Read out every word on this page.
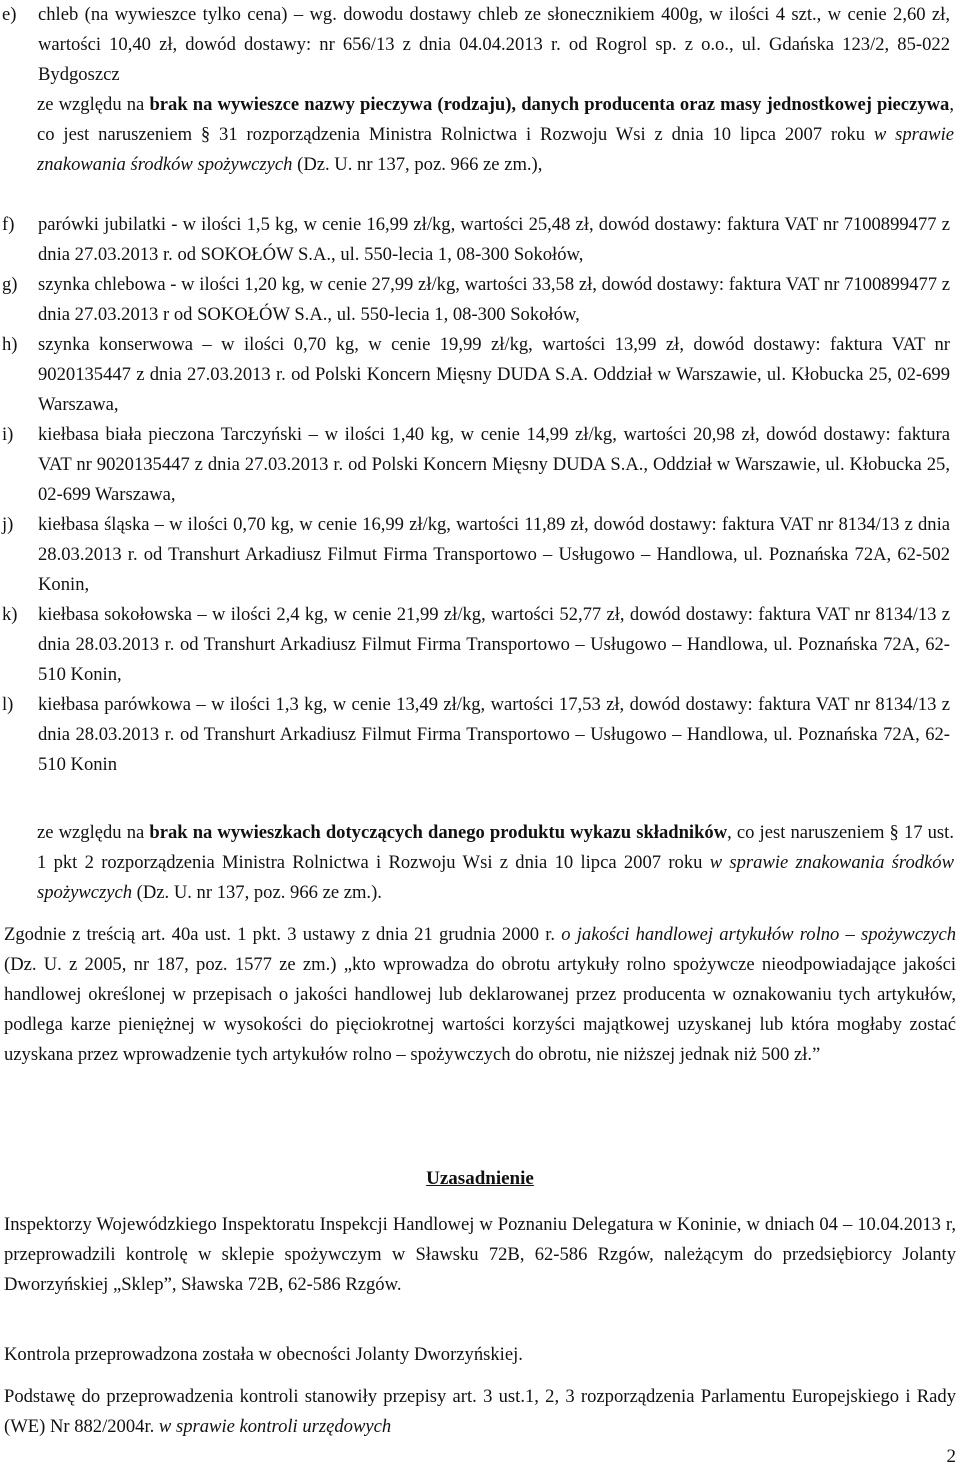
e) chleb (na wywieszce tylko cena) – wg. dowodu dostawy chleb ze słonecznikiem 400g, w ilości 4 szt., w cenie 2,60 zł, wartości 10,40 zł, dowód dostawy: nr 656/13 z dnia 04.04.2013 r. od Rogrol sp. z o.o., ul. Gdańska 123/2, 85-022 Bydgoszcz

ze względu na brak na wywieszce nazwy pieczywa (rodzaju), danych producenta oraz masy jednostkowej pieczywa, co jest naruszeniem § 31 rozporządzenia Ministra Rolnictwa i Rozwoju Wsi z dnia 10 lipca 2007 roku w sprawie znakowania środków spożywczych (Dz. U. nr 137, poz. 966 ze zm.),

f) parówki jubilatki - w ilości 1,5 kg, w cenie 16,99 zł/kg, wartości 25,48 zł, dowód dostawy: faktura VAT nr 7100899477 z dnia 27.03.2013 r. od SOKOŁÓW S.A., ul. 550-lecia 1, 08-300 Sokołów,
g) szynka chlebowa - w ilości 1,20 kg, w cenie 27,99 zł/kg, wartości 33,58 zł, dowód dostawy: faktura VAT nr 7100899477 z dnia 27.03.2013 r od SOKOŁÓW S.A., ul. 550-lecia 1, 08-300 Sokołów,
h) szynka konserwowa – w ilości 0,70 kg, w cenie 19,99 zł/kg, wartości 13,99 zł, dowód dostawy: faktura VAT nr 9020135447 z dnia 27.03.2013 r. od Polski Koncern Mięsny DUDA S.A. Oddział w Warszawie, ul. Kłobucka 25, 02-699 Warszawa,
i) kiełbasa biała pieczona Tarczyński – w ilości 1,40 kg, w cenie 14,99 zł/kg, wartości 20,98 zł, dowód dostawy: faktura VAT nr 9020135447 z dnia 27.03.2013 r. od Polski Koncern Mięsny DUDA S.A., Oddział w Warszawie, ul. Kłobucka 25, 02-699 Warszawa,
j) kiełbasa śląska – w ilości 0,70 kg, w cenie 16,99 zł/kg, wartości 11,89 zł, dowód dostawy: faktura VAT nr 8134/13 z dnia 28.03.2013 r. od Transhurt Arkadiusz Filmut Firma Transportowo – Usługowo – Handlowa, ul. Poznańska 72A, 62-502 Konin,
k) kiełbasa sokołowska – w ilości 2,4 kg, w cenie 21,99 zł/kg, wartości 52,77 zł, dowód dostawy: faktura VAT nr 8134/13 z dnia 28.03.2013 r. od Transhurt Arkadiusz Filmut Firma Transportowo – Usługowo – Handlowa, ul. Poznańska 72A, 62-510 Konin,
l) kiełbasa parówkowa – w ilości 1,3 kg, w cenie 13,49 zł/kg, wartości 17,53 zł, dowód dostawy: faktura VAT nr 8134/13 z dnia 28.03.2013 r. od Transhurt Arkadiusz Filmut Firma Transportowo – Usługowo – Handlowa, ul. Poznańska 72A, 62-510 Konin

ze względu na brak na wywieszkach dotyczących danego produktu wykazu składników, co jest naruszeniem § 17 ust. 1 pkt 2 rozporządzenia Ministra Rolnictwa i Rozwoju Wsi z dnia 10 lipca 2007 roku w sprawie znakowania środków spożywczych (Dz. U. nr 137, poz. 966 ze zm.).

Zgodnie z treścią art. 40a ust. 1 pkt. 3 ustawy z dnia 21 grudnia 2000 r. o jakości handlowej artykułów rolno – spożywczych (Dz. U. z 2005, nr 187, poz. 1577 ze zm.) „kto wprowadza do obrotu artykuły rolno spożywcze nieodpowiadające jakości handlowej określonej w przepisach o jakości handlowej lub deklarowanej przez producenta w oznakowaniu tych artykułów, podlega karze pieniężnej w wysokości do pięciokrotnej wartości korzyści majątkowej uzyskanej lub która mogłaby zostać uzyskana przez wprowadzenie tych artykułów rolno – spożywczych do obrotu, nie niższej jednak niż 500 zł.”

Uzasadnienie

Inspektorzy Wojewódzkiego Inspektoratu Inspekcji Handlowej w Poznaniu Delegatura w Koninie, w dniach 04 – 10.04.2013 r, przeprowadzili kontrolę w sklepie spożywczym w Sławsku 72B, 62-586 Rzgów, należącym do przedsiębiorcy Jolanty Dworzyńskiej „Sklep”, Sławska 72B, 62-586 Rzgów.

Kontrola przeprowadzona została w obecności Jolanty Dworzyńskiej.

Podstawę do przeprowadzenia kontroli stanowiły przepisy art. 3 ust.1, 2, 3 rozporządzenia Parlamentu Europejskiego i Rady (WE) Nr 882/2004r. w sprawie kontroli urzędowych

2
